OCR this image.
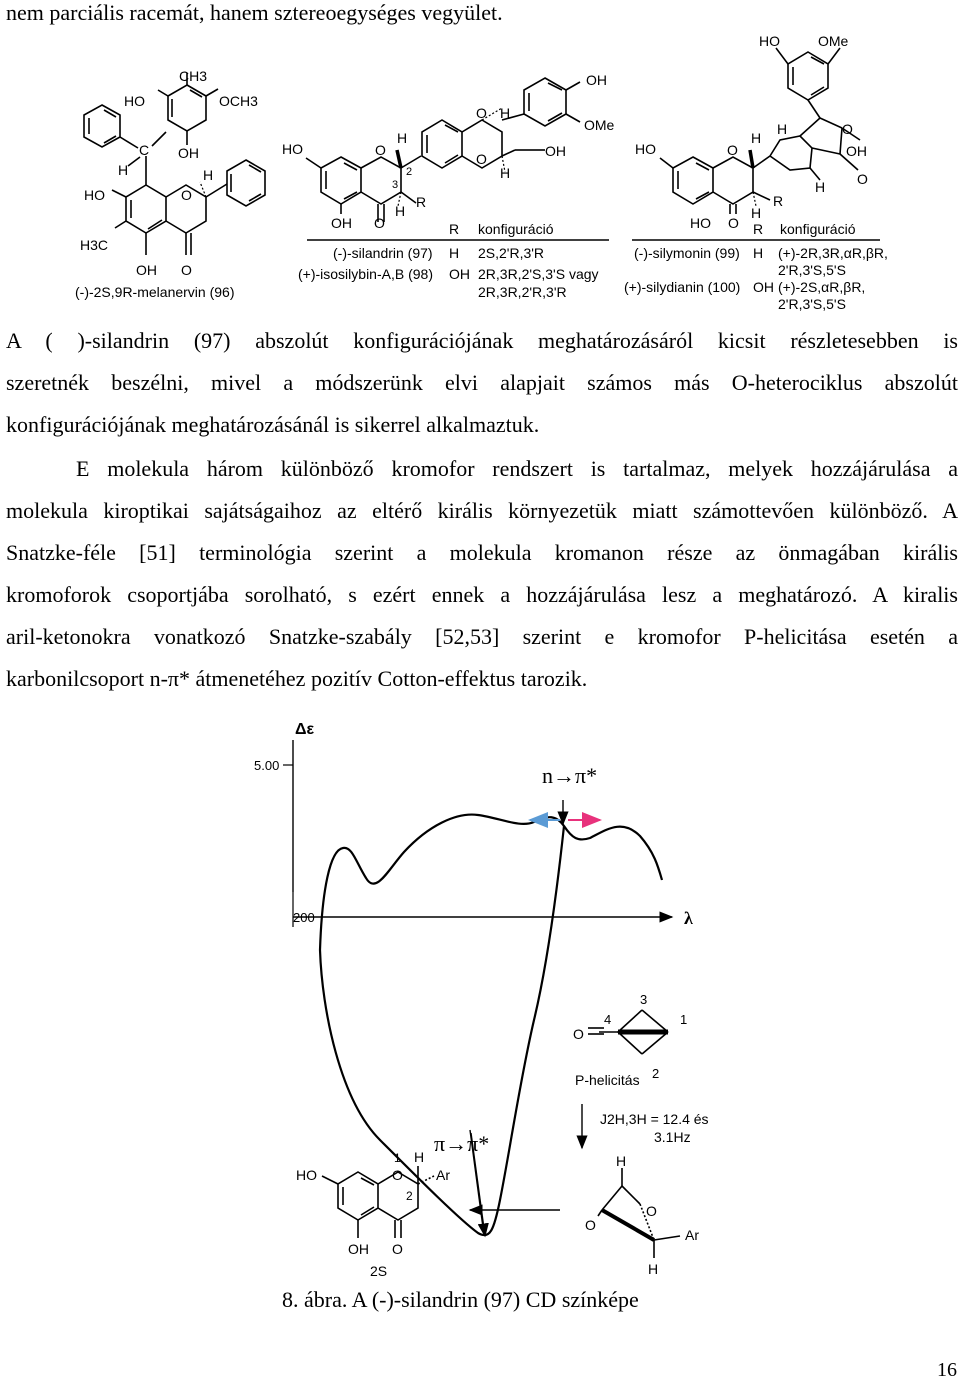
nem parciális racemát, hanem sztereoegységes vegyület.
CH3
HO	OCH3
C
H
OH
H
HO	O
H3C
OH O
(-)-2S,9R-melanervin (96)
HO	O
H
2
3
R
OH O
H
O H
O
H
OH
OMe
OH
R konfiguráció
(-)-silandrin (97) H 2S,2'R,3'R
(+)-isosilybin-A,B (98) OH 2R,3R,2'S,3'S vagy
2R,3R,2'R,3'R
HO	OMe
HO	O
H
H	O
OH
H O
R
HO O
H
R konfiguráció
(-)-silymonin (99) H (+)-2R,3R,αR,βR,
2'R,3'S,5'S
(+)-silydianin (100) OH (+)-2S,αR,βR,
2'R,3'S,5'S
A ( )-silandrin (97) abszolút konfigurációjának meghatározásáról kicsit részletesebben is
szeretnék beszélni, mivel a módszerünk elvi alapjait számos más O-heterociklus abszolút
konfigurációjának meghatározásánál is sikerrel alkalmaztuk.
E molekula három különböző kromofor rendszert is tartalmaz, melyek hozzájárulása a
molekula kiroptikai sajátságaihoz az eltérő királis környezetük miatt számottevően különböző. A
Snatzke-féle [51] terminológia szerint a molekula kromanon része az önmagában királis
kromoforok csoportjába sorolható, s ezért ennek a hozzájárulása lesz a meghatározó. A kiralis
aril-ketonokra vonatkozó Snatzke-szabály [52,53] szerint e kromofor P-helicitása esetén a
karbonilcsoport n-π* átmenetéhez pozitív Cotton-effektus tarozik.
Δε
5.00
200	λ
n→π*
π→π*
3
4	1
2
O
P-helicitás
J2H,3H = 12.4 és
3.1Hz
H
O
O
Ar
H
HO
1 H
O Ar
2
OH O
2S
8. ábra. A (-)-silandrin (97) CD színképe
16
